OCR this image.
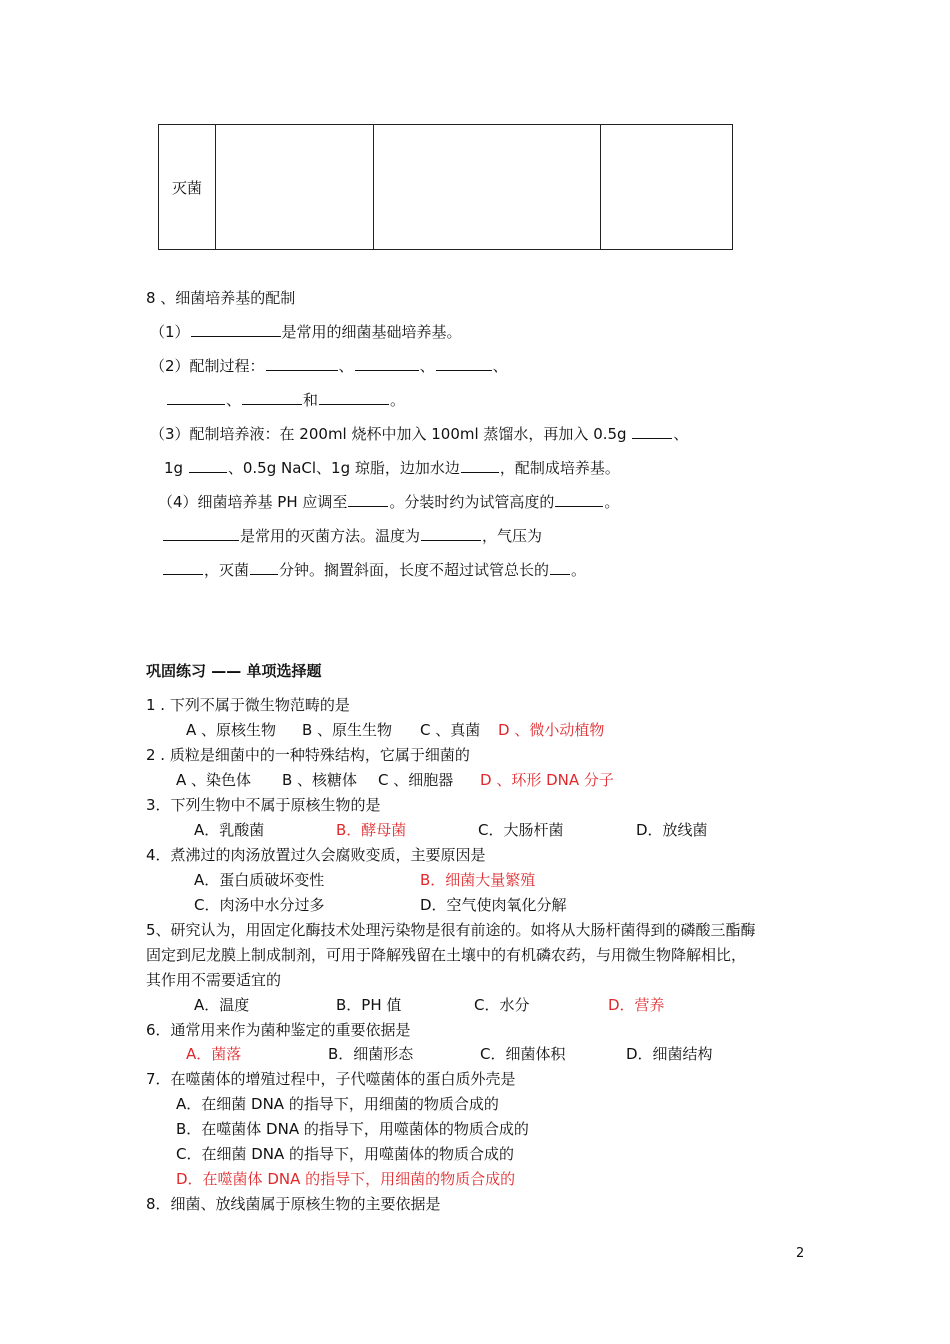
灭菌			
8 、细菌培养基的配制
（1）	是常用的细菌基础培养基。
（2）配制过程：	、	、	、
、	和	。
（3）配制培养液：在 200ml 烧杯中加入 100ml 蒸馏水，再加入 0.5g	、
1g	、0.5g NaCl、1g 琼脂，边加水边	，配制成培养基。
（4）细菌培养基 PH 应调至	。分装时约为试管高度的	。
是常用的灭菌方法。温度为	，气压为
，灭菌 分钟。搁置斜面，长度不超过试管总长的 。
巩固练习 —— 单项选择题
1 . 下列不属于微生物范畴的是
A 、原核生物 B 、原生生物 C 、真菌 D 、微小动植物
2 . 质粒是细菌中的一种特殊结构，它属于细菌的
A 、染色体 B 、核糖体 C 、细胞器 D 、环形 DNA 分子
3．下列生物中不属于原核生物的是
A．乳酸菌	B．酵母菌	C．大肠杆菌	D．放线菌
4．煮沸过的肉汤放置过久会腐败变质，主要原因是
A．蛋白质破坏变性	B．细菌大量繁殖
C．肉汤中水分过多	D．空气使肉氧化分解
5、研究认为，用固定化酶技术处理污染物是很有前途的。如将从大肠杆菌得到的磷酸三酯酶
固定到尼龙膜上制成制剂，可用于降解残留在土壤中的有机磷农药，与用微生物降解相比，
其作用不需要适宜的
A．温度	B．PH 值	C．水分	D．营养
6．通常用来作为菌种鉴定的重要依据是
A．菌落	B．细菌形态	C．细菌体积	D．细菌结构
7．在噬菌体的增殖过程中，子代噬菌体的蛋白质外壳是
A．在细菌 DNA 的指导下，用细菌的物质合成的
B．在噬菌体 DNA 的指导下，用噬菌体的物质合成的
C．在细菌 DNA 的指导下，用噬菌体的物质合成的
D．在噬菌体 DNA 的指导下，用细菌的物质合成的
8．细菌、放线菌属于原核生物的主要依据是
2
